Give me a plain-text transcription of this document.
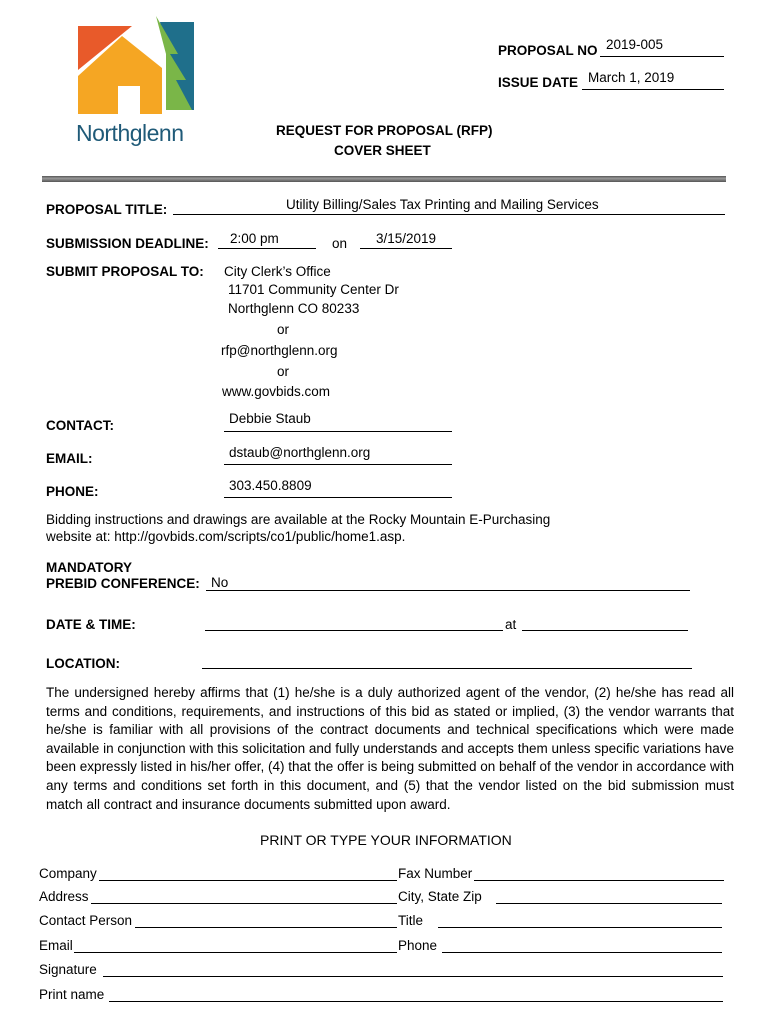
Northglenn
PROPOSAL NO 2019-005
ISSUE DATE March 1, 2019
REQUEST FOR PROPOSAL (RFP)
COVER SHEET
PROPOSAL TITLE:	Utility Billing/Sales Tax Printing and Mailing Services
SUBMISSION DEADLINE: 2:00 pm	on 3/15/2019
SUBMIT PROPOSAL TO: City Clerk’s Office
11701 Community Center Dr
Northglenn CO 80233
or
rfp@northglenn.org
or
www.govbids.com
CONTACT:	Debbie Staub
EMAIL:	dstaub@northglenn.org
PHONE:	303.450.8809
Bidding instructions and drawings are available at the Rocky Mountain E-Purchasing
website at: http://govbids.com/scripts/co1/public/home1.asp.
MANDATORY
PREBID CONFERENCE: No
DATE & TIME:	at
LOCATION:
The undersigned hereby affirms that (1) he/she is a duly authorized agent of the vendor, (2) he/she has read all terms and conditions, requirements, and instructions of this bid as stated or implied, (3) the vendor warrants that he/she is familiar with all provisions of the contract documents and technical specifications which were made available in conjunction with this solicitation and fully understands and accepts them unless specific variations have been expressly listed in his/her offer, (4) that the offer is being submitted on behalf of the vendor in accordance with any terms and conditions set forth in this document, and (5) that the vendor listed on the bid submission must match all contract and insurance documents submitted upon award.
PRINT OR TYPE YOUR INFORMATION
Company	Fax Number
Address	City, State Zip
Contact Person	Title
Email	Phone
Signature
Print name
